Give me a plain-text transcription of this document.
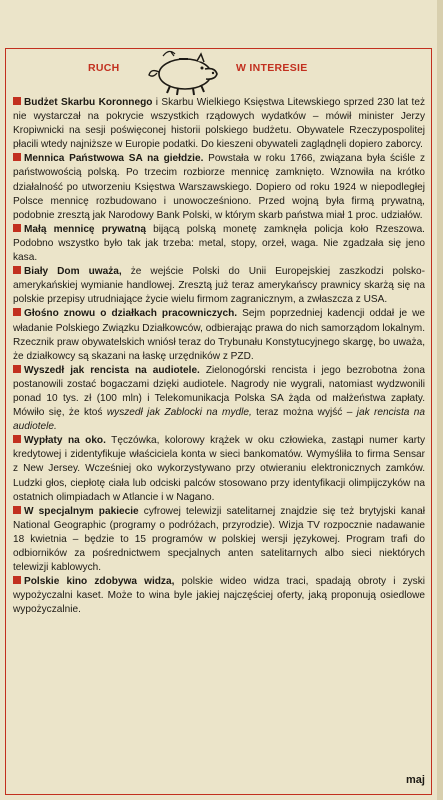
RUCH	W INTERESIE

Budżet Skarbu Koronnego i Skarbu Wielkiego Księstwa Litewskiego sprzed 230 lat też nie wystarczał na pokrycie wszystkich rządowych wydatków – mówił minister Jerzy Kropiwnicki na sesji poświęconej historii polskiego budżetu. Obywatele Rzeczypospolitej płacili wtedy najniższe w Europie podatki. Do kieszeni obywateli zaglądnęli dopiero zaborcy.

Mennica Państwowa SA na giełdzie. Powstała w roku 1766, związana była ściśle z państwowością polską. Po trzecim rozbiorze mennicę zamknięto. Wznowiła na krótko działalność po utworzeniu Księstwa Warszawskiego. Dopiero od roku 1924 w niepodległej Polsce mennicę rozbudowano i unowocześniono. Przed wojną była firmą prywatną, podobnie zresztą jak Narodowy Bank Polski, w którym skarb państwa miał 1 proc. udziałów.

Małą mennicę prywatną bijącą polską monetę zamknęła policja koło Rzeszowa. Podobno wszystko było tak jak trzeba: metal, stopy, orzeł, waga. Nie zgadzała się jeno kasa.

Biały Dom uważa, że wejście Polski do Unii Europejskiej zaszkodzi polsko-amerykańskiej wymianie handlowej. Zresztą już teraz amerykańscy prawnicy skarżą się na polskie przepisy utrudniające życie wielu firmom zagranicznym, a zwłaszcza z USA.

Głośno znowu o działkach pracowniczych. Sejm poprzedniej kadencji oddał je we władanie Polskiego Związku Działkowców, odbierając prawa do nich samorządom lokalnym. Rzecznik praw obywatelskich wniósł teraz do Trybunału Konstytucyjnego skargę, bo uważa, że działkowcy są skazani na łaskę urzędników z PZD.

Wyszedł jak rencista na audiotele. Zielonogórski rencista i jego bezrobotna żona postanowili zostać bogaczami dzięki audiotele. Nagrody nie wygrali, natomiast wydzwonili ponad 10 tys. zł (100 mln) i Telekomunikacja Polska SA żąda od małżeństwa zapłaty. Mówiło się, że ktoś wyszedł jak Zablocki na mydle, teraz można wyjść – jak rencista na audiotele.

Wypłaty na oko. Tęczówka, kolorowy krążek w oku człowieka, zastąpi numer karty kredytowej i zidentyfikuje właściciela konta w sieci bankomatów. Wymyśliła to firma Sensar z New Jersey. Wcześniej oko wykorzystywano przy otwieraniu elektronicznych zamków. Ludzki głos, ciepłotę ciała lub odciski palców stosowano przy identyfikacji olimpijczyków na ostatnich olimpiadach w Atlancie i w Nagano.

W specjalnym pakiecie cyfrowej telewizji satelitarnej znajdzie się też brytyjski kanał National Geographic (programy o podróżach, przyrodzie). Wizja TV rozpocznie nadawanie 18 kwietnia – będzie to 15 programów w polskiej wersji językowej. Program trafi do odbiorników za pośrednictwem specjalnych anten satelitarnych albo sieci niektórych telewizji kablowych.

Polskie kino zdobywa widza, polskie wideo widza traci, spadają obroty i zyski wypożyczalni kaset. Może to wina byle jakiej najczęściej oferty, jaką proponują osiedlowe wypożyczalnie.

maj
